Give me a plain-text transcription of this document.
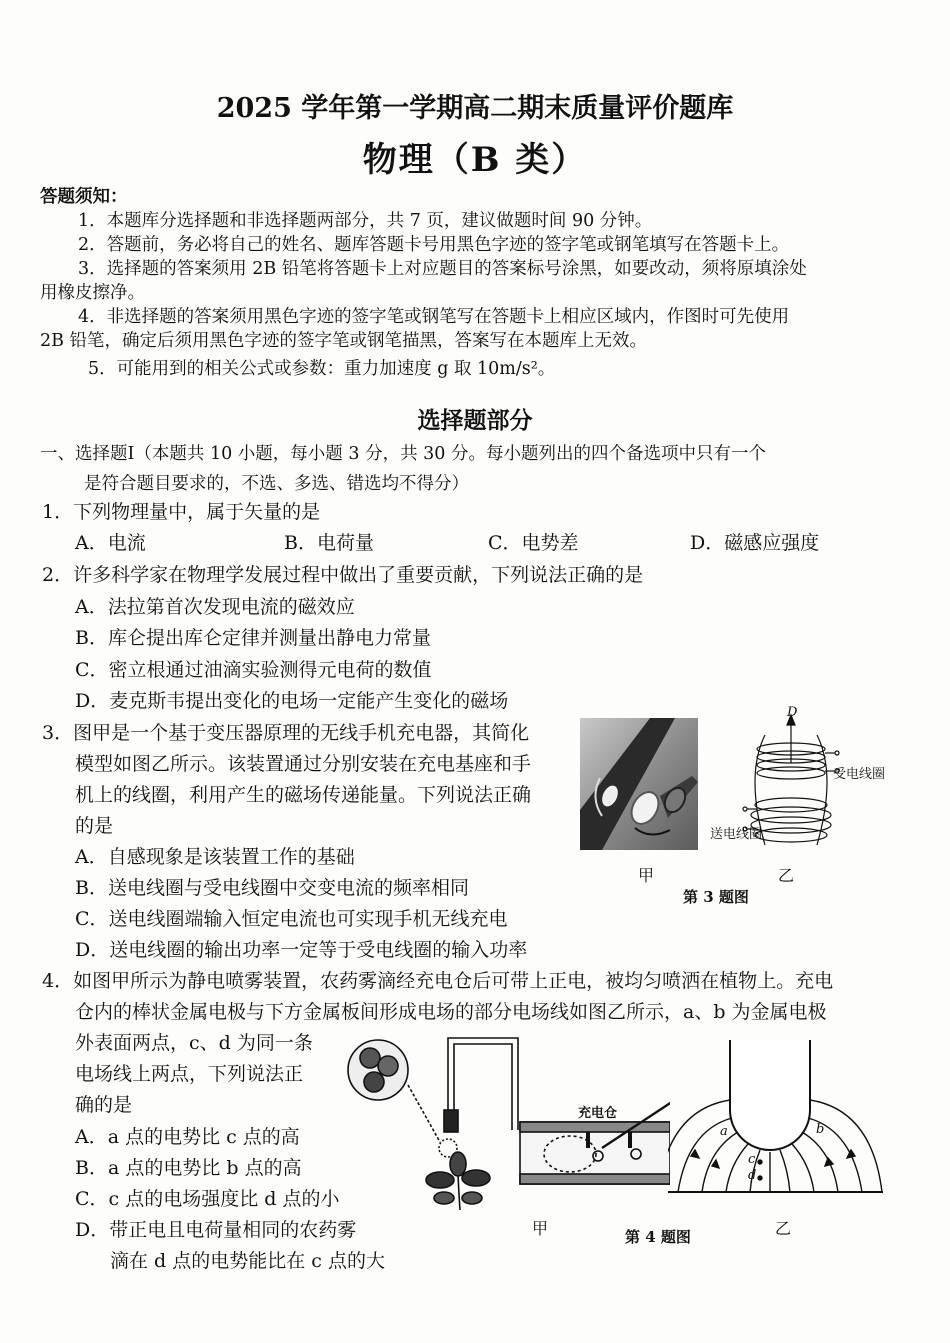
2025 学年第一学期高二期末质量评价题库
物理（B 类）
答题须知：
1．本题库分选择题和非选择题两部分，共 7 页，建议做题时间 90 分钟。
2．答题前，务必将自己的姓名、题库答题卡号用黑色字迹的签字笔或钢笔填写在答题卡上。
3．选择题的答案须用 2B 铅笔将答题卡上对应题目的答案标号涂黑，如要改动，须将原填涂处
用橡皮擦净。
4．非选择题的答案须用黑色字迹的签字笔或钢笔写在答题卡上相应区域内，作图时可先使用
2B 铅笔，确定后须用黑色字迹的签字笔或钢笔描黑，答案写在本题库上无效。
5．可能用到的相关公式或参数：重力加速度 g 取 10m/s²。
选择题部分
一、选择题Ⅰ（本题共 10 小题，每小题 3 分，共 30 分。每小题列出的四个备选项中只有一个
是符合题目要求的，不选、多选、错选均不得分）
1．下列物理量中，属于矢量的是
A．电流	B．电荷量	C．电势差	D．磁感应强度
2．许多科学家在物理学发展过程中做出了重要贡献，下列说法正确的是
A．法拉第首次发现电流的磁效应
B．库仑提出库仑定律并测量出静电力常量
C．密立根通过油滴实验测得元电荷的数值
D．麦克斯韦提出变化的电场一定能产生变化的磁场
3．图甲是一个基于变压器原理的无线手机充电器，其简化
模型如图乙所示。该装置通过分别安装在充电基座和手
机上的线圈，利用产生的磁场传递能量。下列说法正确
的是
A．自感现象是该装置工作的基础
B．送电线圈与受电线圈中交变电流的频率相同
C．送电线圈端输入恒定电流也可实现手机无线充电
D．送电线圈的输出功率一定等于受电线圈的输入功率
D
受电线圈
送电线圈
甲	乙
第 3 题图
4．如图甲所示为静电喷雾装置，农药雾滴经充电仓后可带上正电，被均匀喷洒在植物上。充电
仓内的棒状金属电极与下方金属板间形成电场的部分电场线如图乙所示，a、b 为金属电极
外表面两点，c、d 为同一条
电场线上两点，下列说法正
确的是
A．a 点的电势比 c 点的高
B．a 点的电势比 b 点的高
C．c 点的电场强度比 d 点的小
D．带正电且电荷量相同的农药雾
滴在 d 点的电势能比在 c 点的大
充电仓
a	b
c
d
甲	第 4 题图	乙
